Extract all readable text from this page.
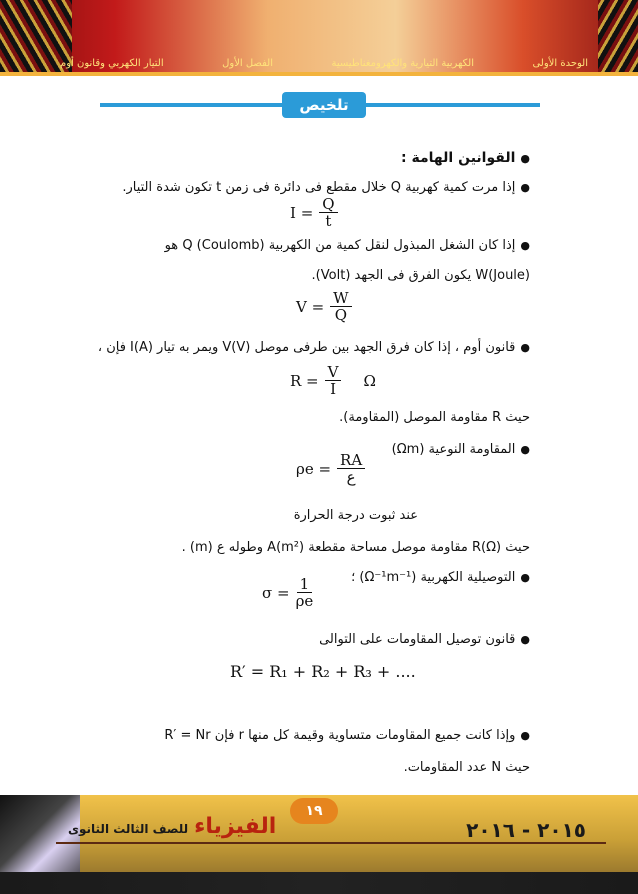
الوحدة الأولى
الكهربية التيارية والكهرومغناطيسية
الفصل الأول
التيار الكهربي وقانون أوم
تلخيص
●القوانين الهامة :
●إذا مرت كمية كهربية Q خلال مقطع فى دائرة فى زمن t تكون شدة التيار.
$I = \frac{Q}{t}$
●إذا كان الشغل المبذول لنقل كمية من الكهربية Q (Coulomb) هو
W(Joule) يكون الفرق فى الجهد (Volt).
$V = \frac{W}{Q}$
●قانون أوم ، إذا كان فرق الجهد بين طرفى موصل V(V) ويمر به تيار I(A) فإن ،
$R = \frac{V}{I}$ Ω
حيث R مقاومة الموصل (المقاومة).
●المقاومة النوعية (Ωm)
$\rho e = \frac{RA}{\text{ع}}$
عند ثبوت درجة الحرارة
حيث R(Ω) مقاومة موصل مساحة مقطعة A(m²) وطوله ع (m) .
●التوصيلية الكهربية (Ω⁻¹m⁻¹) ؛
$\sigma = \frac{1}{\rho e}$
●قانون توصيل المقاومات على التوالى
R′ = R₁ + R₂ + R₃ + ....
●وإذا كانت جميع المقاومات متساوية وقيمة كل منها r فإن R′ = Nr
حيث N عدد المقاومات.
١٩
الفيزياء
للصف الثالث الثانوى	٢٠١٥ - ٢٠١٦
